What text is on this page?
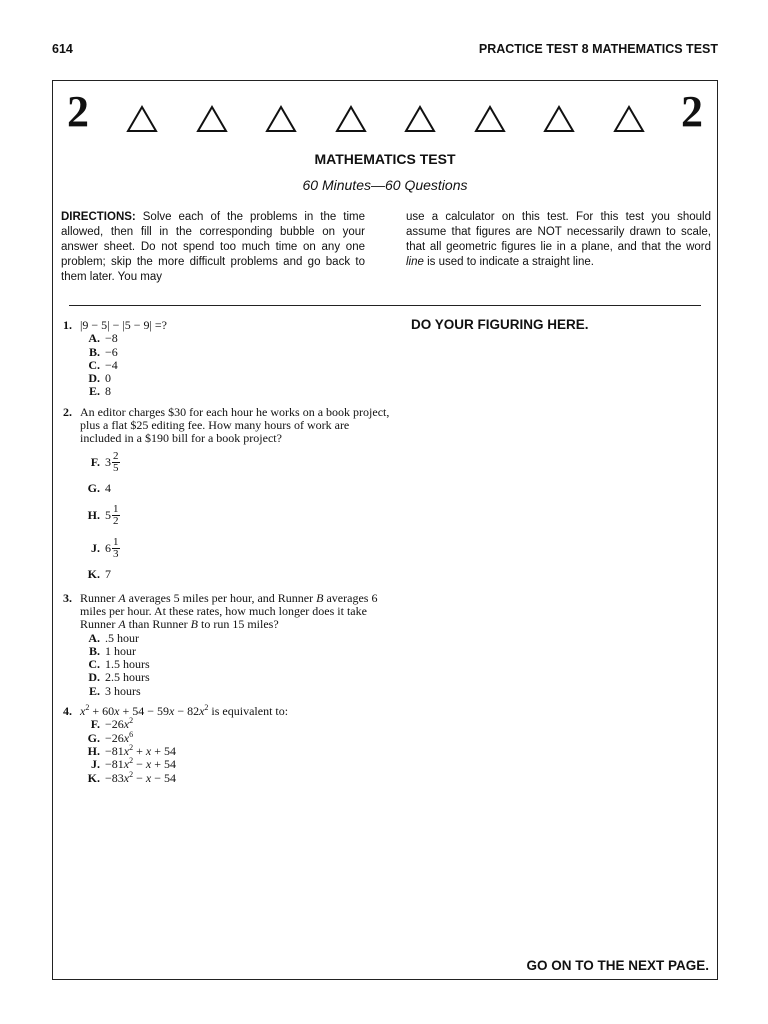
614	PRACTICE TEST 8 MATHEMATICS TEST
2	2
MATHEMATICS TEST
60 Minutes—60 Questions
DIRECTIONS: Solve each of the problems in the time allowed, then fill in the corresponding bubble on your answer sheet. Do not spend too much time on any one problem; skip the more difficult problems and go back to them later. You may
use a calculator on this test. For this test you should assume that figures are NOT necessarily drawn to scale, that all geometric figures lie in a plane, and that the word line is used to indicate a straight line.
DO YOUR FIGURING HERE.
1. |9 − 5| − |5 − 9| =?
A. −8
B. −6
C. −4
D. 0
E. 8
2. An editor charges $30 for each hour he works on a book project, plus a flat $25 editing fee. How many hours of work are included in a $190 bill for a book project?
F. $3 \frac{2}{5}$
G. 4
H. $5 \frac{1}{2}$
J. $6 \frac{1}{3}$
K. 7
3. Runner A averages 5 miles per hour, and Runner B averages 6 miles per hour. At these rates, how much longer does it take Runner A than Runner B to run 15 miles?
A. .5 hour
B. 1 hour
C. 1.5 hours
D. 2.5 hours
E. 3 hours
4. $x^2 + 60x + 54 - 59x - 82x^2$ is equivalent to:
F. $-26x^2$
G. $-26x^6$
H. $-81x^2 + x + 54$
J. $-81x^2 - x + 54$
K. $-83x^2 - x - 54$
GO ON TO THE NEXT PAGE.
